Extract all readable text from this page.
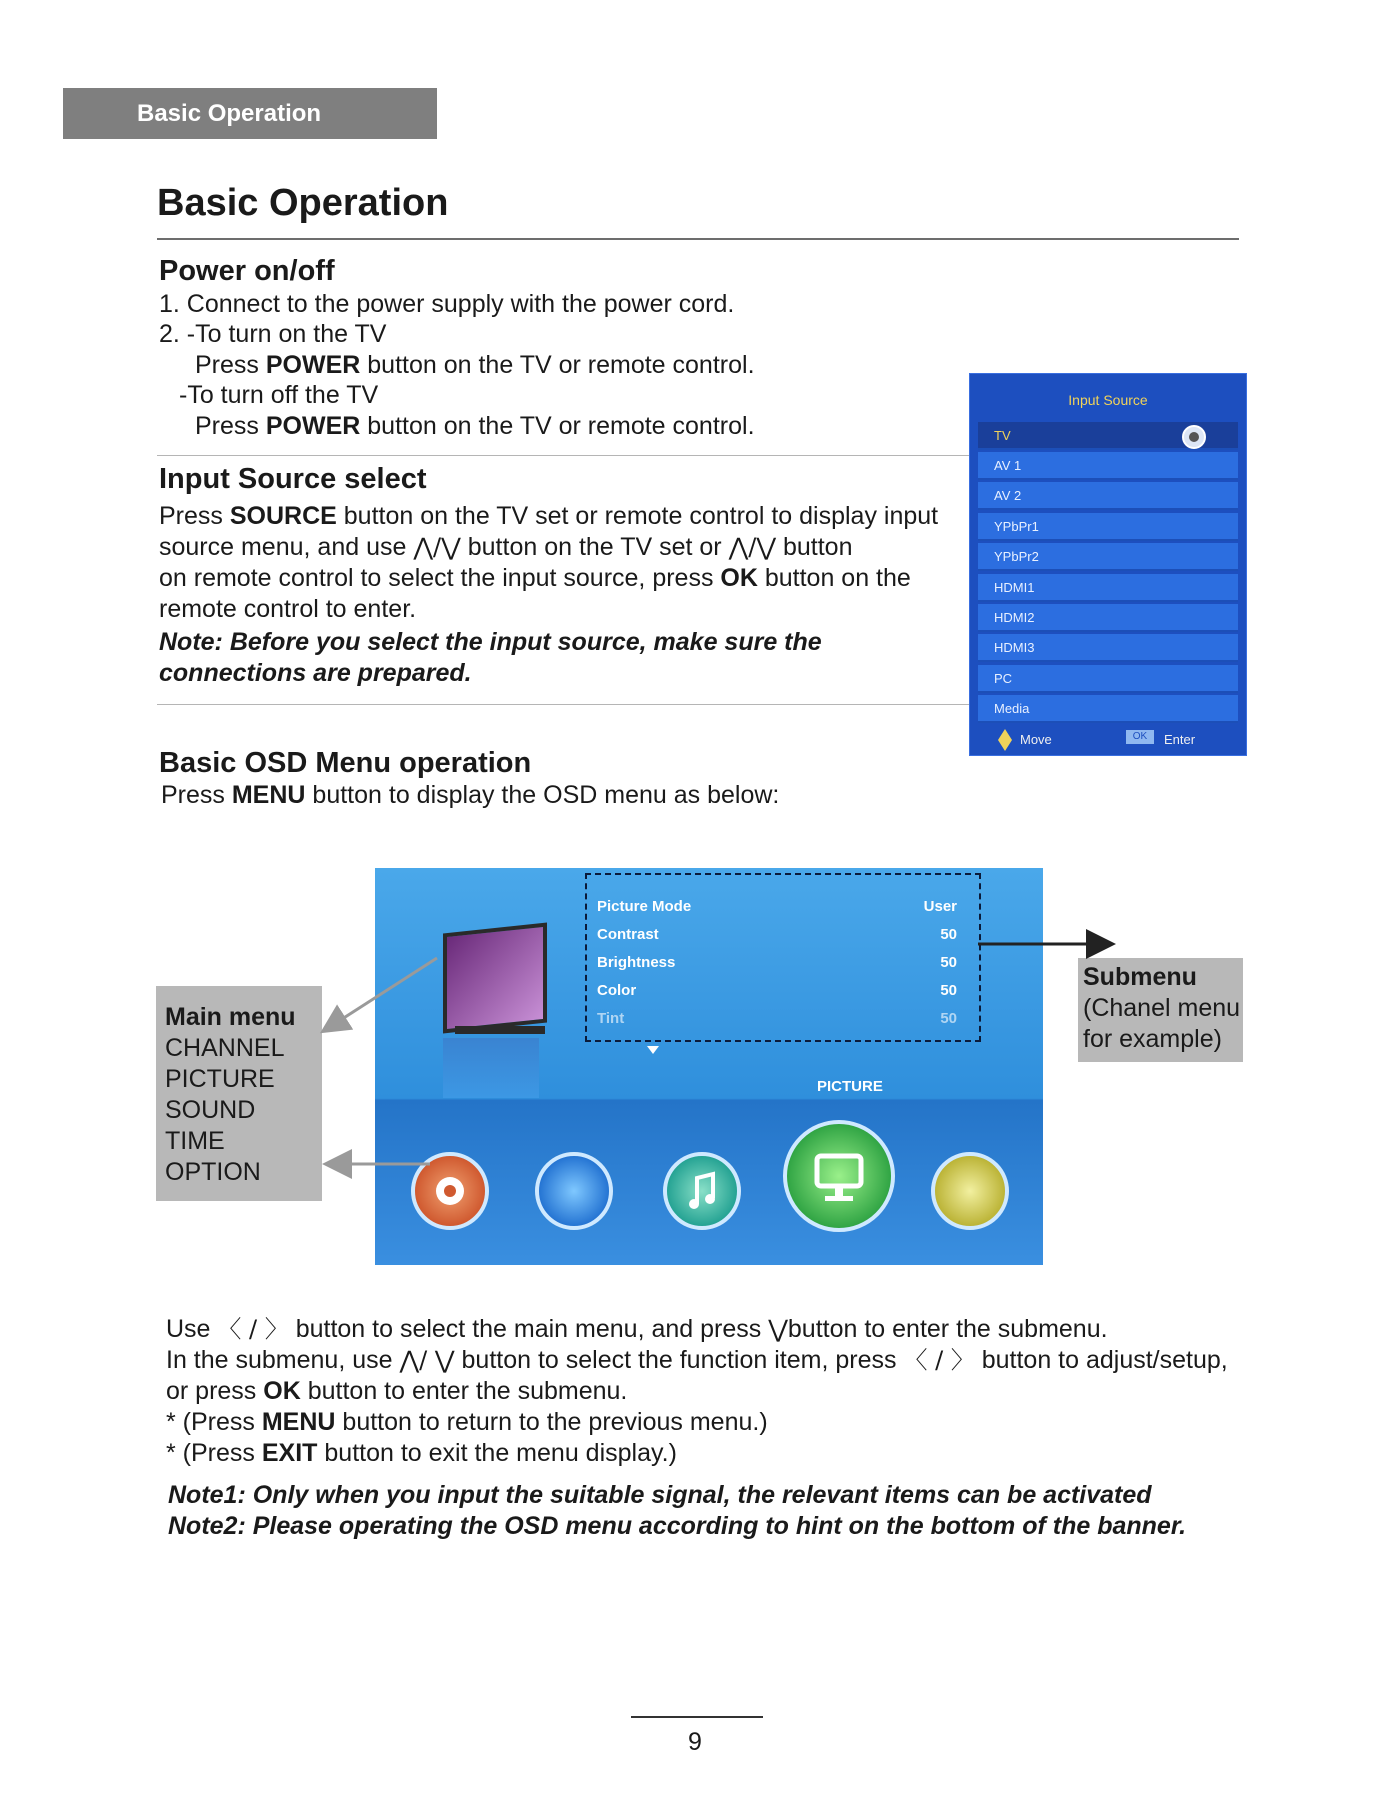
Basic Operation
Basic Operation
Power on/off
1. Connect to the power supply with the power cord.
2. -To turn on the TV
Press POWER button on the TV or remote control.
-To turn off the TV
Press POWER button on the TV or remote control.
Input Source select
Press SOURCE button on the TV set or remote control to display input
source menu, and use ⋀/⋁ button on the TV set or ⋀/⋁ button
on remote control to select the input source, press OK button on the
remote control to enter.
Note: Before you select the input source, make sure the
connections are prepared.
Input Source
TV
AV 1
AV 2
YPbPr1
YPbPr2
HDMI1
HDMI2
HDMI3
PC
Media
Move	OK	Enter
Basic OSD Menu operation
Press MENU button to display the OSD menu as below:
Picture Mode	User
Contrast	50
Brightness	50
Color	50
Tint	50
PICTURE
Main menu
CHANNEL
PICTURE
SOUND
TIME
OPTION
Submenu
(Chanel menu
for example)
Use 〈 / 〉 button to select the main menu, and press ⋁button to enter the submenu.
In the submenu, use ⋀/ ⋁ button to select the function item, press 〈 / 〉 button to adjust/setup,
or press OK button to enter the submenu.
* (Press MENU button to return to the previous menu.)
* (Press EXIT button to exit the menu display.)
Note1: Only when you input the suitable signal, the relevant items can be activated
Note2: Please operating the OSD menu according to hint on the bottom of the banner.
9
